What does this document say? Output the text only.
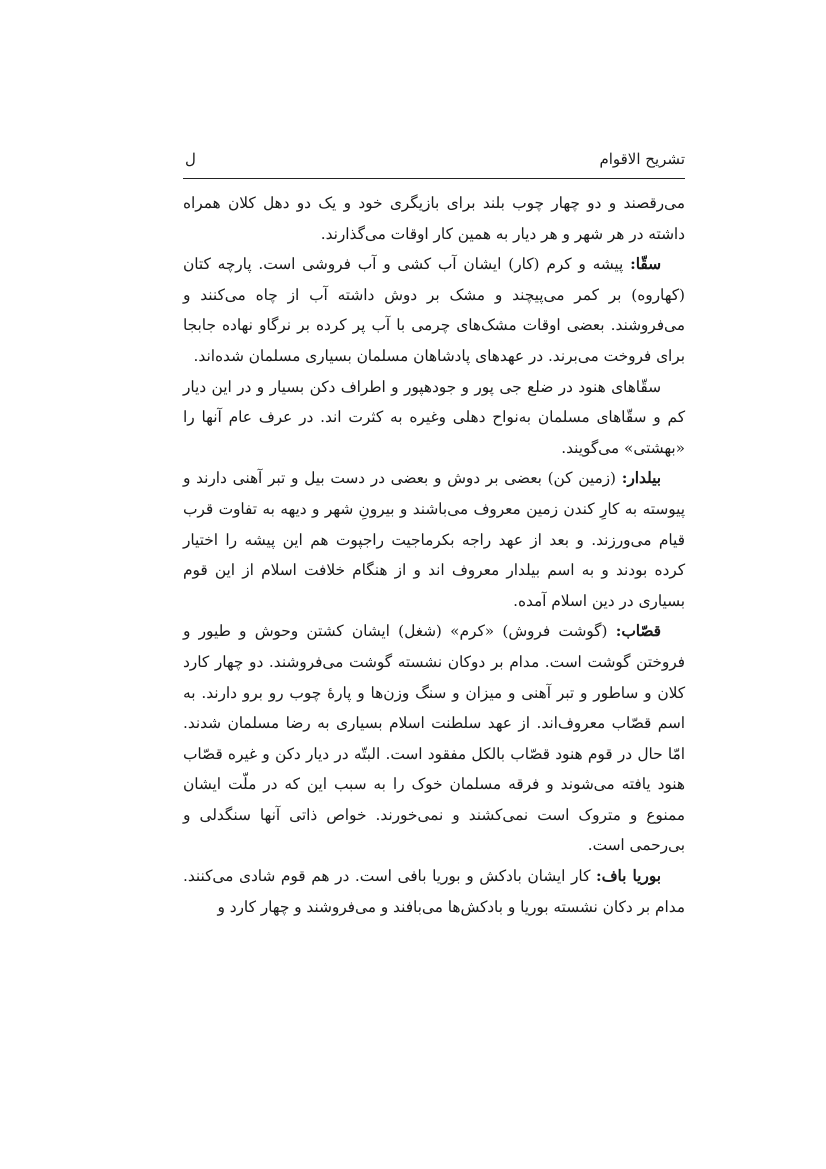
تشریح الاقوام
ل

می‌رقصند و دو چهار چوب بلند برای بازیگری خود و یک دو دهل کلان همراه داشته در هر شهر و هر دیار به همین کار اوقات می‌گذارند.

سقّا: پیشه و کرم (کار) ایشان آب کشی و آب فروشی است. پارچه کتان (کهاروه) بر کمر می‌پیچند و مشک بر دوش داشته آب از چاه می‌کنند و می‌فروشند. بعضی اوقات مشک‌های چرمی با آب پر کرده بر نرگاو نهاده جابجا برای فروخت می‌برند. در عهدهای پادشاهان مسلمان بسیاری مسلمان شده‌اند.

سقّاهای هنود در ضلع جی پور و جودهپور و اطراف دکن بسیار و در این دیار کم و سقّاهای مسلمان به‌نواح دهلی وغیره به کثرت اند. در عرف عام آنها را «بهشتی» می‌گویند.

بیلدار: (زمین کن) بعضی بر دوش و بعضی در دست بیل و تبر آهنی دارند و پیوسته به کارِ کندن زمین معروف می‌باشند و بیرونِ شهر و دیهه به تفاوت قرب قیام می‌ورزند. و بعد از عهد راجه بکرماجیت راجپوت هم این پیشه را اختیار کرده بودند و به اسم بیلدار معروف اند و از هنگام خلافت اسلام از این قوم بسیاری در دین اسلام آمده.

قصّاب: (گوشت فروش) «کرم» (شغل) ایشان کشتن وحوش و طیور و فروختن گوشت است. مدام بر دوکان نشسته گوشت می‌فروشند. دو چهار کارد کلان و ساطور و تبر آهنی و میزان و سنگ وزن‌ها و پارهٔ چوب رو برو دارند. به اسم قصّاب معروف‌اند. از عهد سلطنت اسلام بسیاری به رضا مسلمان شدند. امّا حال در قوم هنود قصّاب بالکل مفقود است. البتّه در دیار دکن و غیره قصّاب هنود یافته می‌شوند و فرقه مسلمان خوک را به سبب این که در ملّت ایشان ممنوع و متروک است نمی‌کشند و نمی‌خورند. خواص ذاتی آنها سنگدلی و بی‌رحمی است.

بوریا باف: کار ایشان بادکش و بوریا بافی است. در هم قوم شادی می‌کنند. مدام بر دکان نشسته بوریا و بادکش‌ها می‌بافند و می‌فروشند و چهار کارد و
